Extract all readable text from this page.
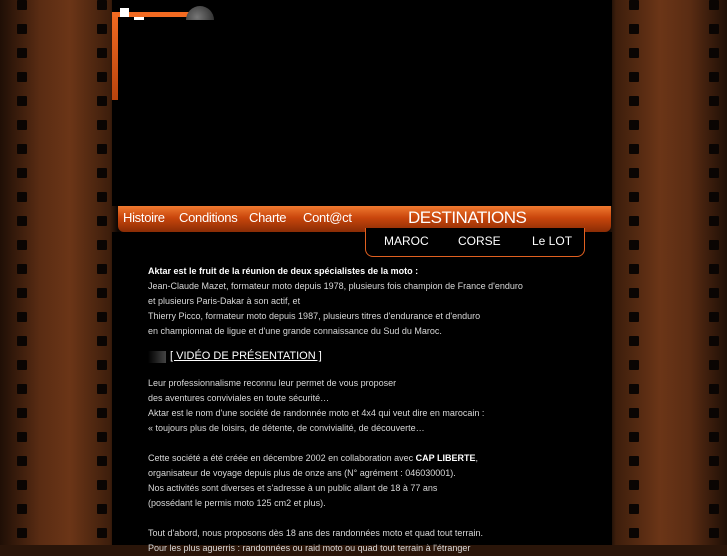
Histoire Conditions Charte Cont@ct	DESTINATIONS
MAROC CORSE	Le LOT

Aktar est le fruit de la réunion de deux spécialistes de la moto :

Jean-Claude Mazet, formateur moto depuis 1978, plusieurs fois champion de France d'enduro

et plusieurs Paris-Dakar à son actif, et

Thierry Picco, formateur moto depuis 1987, plusieurs titres d'endurance et d'enduro

en championnat de ligue et d'une grande connaissance du Sud du Maroc.

[ VIDÉO DE PRÉSENTATION ]

Leur professionnalisme reconnu leur permet de vous proposer

des aventures conviviales en toute sécurité…

Aktar est le nom d'une société de randonnée moto et 4x4 qui veut dire en marocain :

« toujours plus de loisirs, de détente, de convivialité, de découverte…

Cette société a été créée en décembre 2002 en collaboration avec CAP LIBERTE,

organisateur de voyage depuis plus de onze ans (N° agrément : 046030001).

Nos activités sont diverses et s'adresse à un public allant de 18 à 77 ans

(possédant le permis moto 125 cm2 et plus).

Tout d'abord, nous proposons dès 18 ans des randonnées moto et quad tout terrain.

Pour les plus aguerris : randonnées ou raid moto ou quad tout terrain à l'étranger
